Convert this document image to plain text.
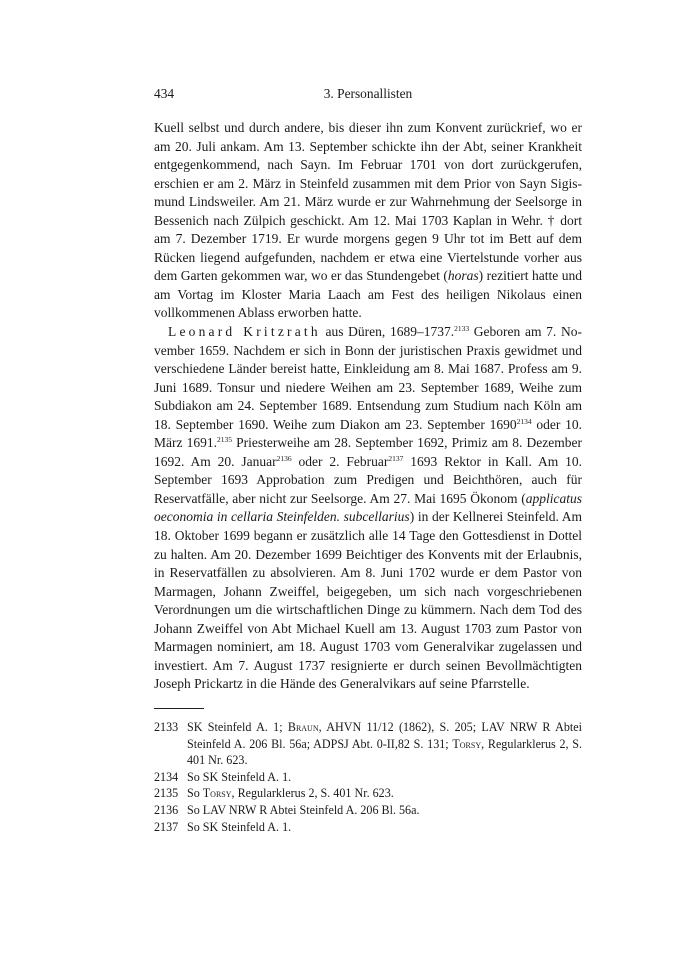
434	3. Personallisten

Kuell selbst und durch andere, bis dieser ihn zum Konvent zurückrief, wo er am 20. Juli ankam. Am 13. September schickte ihn der Abt, seiner Krankheit entgegenkommend, nach Sayn. Im Februar 1701 von dort zurückgerufen, erschien er am 2. März in Steinfeld zusammen mit dem Prior von Sayn Sigismund Lindsweiler. Am 21. März wurde er zur Wahrnehmung der Seelsorge in Bessenich nach Zülpich geschickt. Am 12. Mai 1703 Kaplan in Wehr. † dort am 7. Dezember 1719. Er wurde morgens gegen 9 Uhr tot im Bett auf dem Rücken liegend aufgefunden, nachdem er etwa eine Viertelstunde vorher aus dem Garten gekommen war, wo er das Stundengebet (horas) rezitiert hatte und am Vortag im Kloster Maria Laach am Fest des heiligen Nikolaus einen vollkommenen Ablass erworben hatte.

Leonard Kritzrath aus Düren, 1689–1737.$^{2133}$ Geboren am 7. November 1659. Nachdem er sich in Bonn der juristischen Praxis gewidmet und verschiedene Länder bereist hatte, Einkleidung am 8. Mai 1687. Profess am 9. Juni 1689. Tonsur und niedere Weihen am 23. September 1689, Weihe zum Subdiakon am 24. September 1689. Entsendung zum Studium nach Köln am 18. September 1690. Weihe zum Diakon am 23. September $1690^{2134}$ oder 10. März 1691.$^{2135}$ Priesterweihe am 28. September 1692, Primiz am 8. Dezember 1692. Am 20. Januar$^{2136}$ oder 2. Februar$^{2137}$ 1693 Rektor in Kall. Am 10. September 1693 Approbation zum Predigen und Beichthören, auch für Reservatfälle, aber nicht zur Seelsorge. Am 27. Mai 1695 Ökonom (applicatus oeconomia in cellaria Steinfelden. subcellarius) in der Kellnerei Steinfeld. Am 18. Oktober 1699 begann er zusätzlich alle 14 Tage den Gottesdienst in Dottel zu halten. Am 20. Dezember 1699 Beichtiger des Konvents mit der Erlaubnis, in Reservatfällen zu absolvieren. Am 8. Juni 1702 wurde er dem Pastor von Marmagen, Johann Zweiffel, beigegeben, um sich nach vorgeschriebenen Verordnungen um die wirtschaftlichen Dinge zu kümmern. Nach dem Tod des Johann Zweiffel von Abt Michael Kuell am 13. August 1703 zum Pastor von Marmagen nominiert, am 18. August 1703 vom Generalvikar zugelassen und investiert. Am 7. August 1737 resignierte er durch seinen Bevollmächtigten Joseph Prickartz in die Hände des Generalvikars auf seine Pfarrstelle.

2133 SK Steinfeld A. 1; Braun, AHVN 11/12 (1862), S. 205; LAV NRW R Abtei Steinfeld A. 206 Bl. 56a; ADPSJ Abt. 0-II,82 S. 131; Torsy, Regularklerus 2, S. 401 Nr. 623.
2134 So SK Steinfeld A. 1.
2135 So Torsy, Regularklerus 2, S. 401 Nr. 623.
2136 So LAV NRW R Abtei Steinfeld A. 206 Bl. 56a.
2137 So SK Steinfeld A. 1.
